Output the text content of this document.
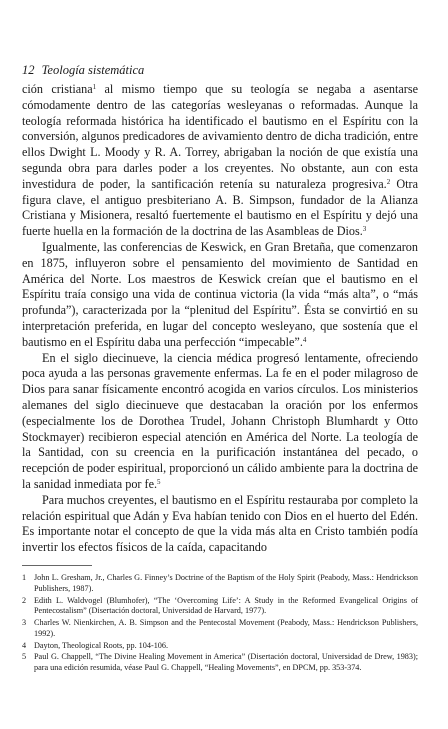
12 Teología sistemática

ción cristiana$^1$ al mismo tiempo que su teología se negaba a asentarse cómodamente dentro de las categorías wesleyanas o reformadas. Aunque la teología reformada histórica ha identificado el bautismo en el Espíritu con la conversión, algunos predicadores de avivamiento dentro de dicha tradición, entre ellos Dwight L. Moody y R. A. Torrey, abrigaban la noción de que existía una segunda obra para darles poder a los creyentes. No obstante, aun con esta investidura de poder, la santificación retenía su naturaleza progresiva.$^2$ Otra figura clave, el antiguo presbiteriano A. B. Simpson, fundador de la Alianza Cristiana y Misionera, resaltó fuertemente el bautismo en el Espíritu y dejó una fuerte huella en la formación de la doctrina de las Asambleas de Dios.$^3$

Igualmente, las conferencias de Keswick, en Gran Bretaña, que comenzaron en 1875, influyeron sobre el pensamiento del movimiento de Santidad en América del Norte. Los maestros de Keswick creían que el bautismo en el Espíritu traía consigo una vida de continua victoria (la vida “más alta”, o “más profunda”), caracterizada por la “plenitud del Espíritu”. Ésta se convirtió en su interpretación preferida, en lugar del concepto wesleyano, que sostenía que el bautismo en el Espíritu daba una perfección “impecable”.$^4$

En el siglo diecinueve, la ciencia médica progresó lentamente, ofreciendo poca ayuda a las personas gravemente enfermas. La fe en el poder milagroso de Dios para sanar físicamente encontró acogida en varios círculos. Los ministerios alemanes del siglo diecinueve que destacaban la oración por los enfermos (especialmente los de Dorothea Trudel, Johann Christoph Blumhardt y Otto Stockmayer) recibieron especial atención en América del Norte. La teología de la Santidad, con su creencia en la purificación instantánea del pecado, o recepción de poder espiritual, proporcionó un cálido ambiente para la doctrina de la sanidad inmediata por fe.$^5$

Para muchos creyentes, el bautismo en el Espíritu restauraba por completo la relación espiritual que Adán y Eva habían tenido con Dios en el huerto del Edén. Es importante notar el concepto de que la vida más alta en Cristo también podía invertir los efectos físicos de la caída, capacitando

1 John L. Gresham, Jr., Charles G. Finney’s Doctrine of the Baptism of the Holy Spirit (Peabody, Mass.: Hendrickson Publishers, 1987).
2 Edith L. Waldvogel (Blumhofer), “The ‘Overcoming Life’: A Study in the Reformed Evangelical Origins of Pentecostalism” (Disertación doctoral, Universidad de Harvard, 1977).
3 Charles W. Nienkirchen, A. B. Simpson and the Pentecostal Movement (Peabody, Mass.: Hendrickson Publishers, 1992).
4 Dayton, Theological Roots, pp. 104-106.
5 Paul G. Chappell, “The Divine Healing Movement in America” (Disertación doctoral, Universidad de Drew, 1983); para una edición resumida, véase Paul G. Chappell, “Healing Movements”, en DPCM, pp. 353-374.
